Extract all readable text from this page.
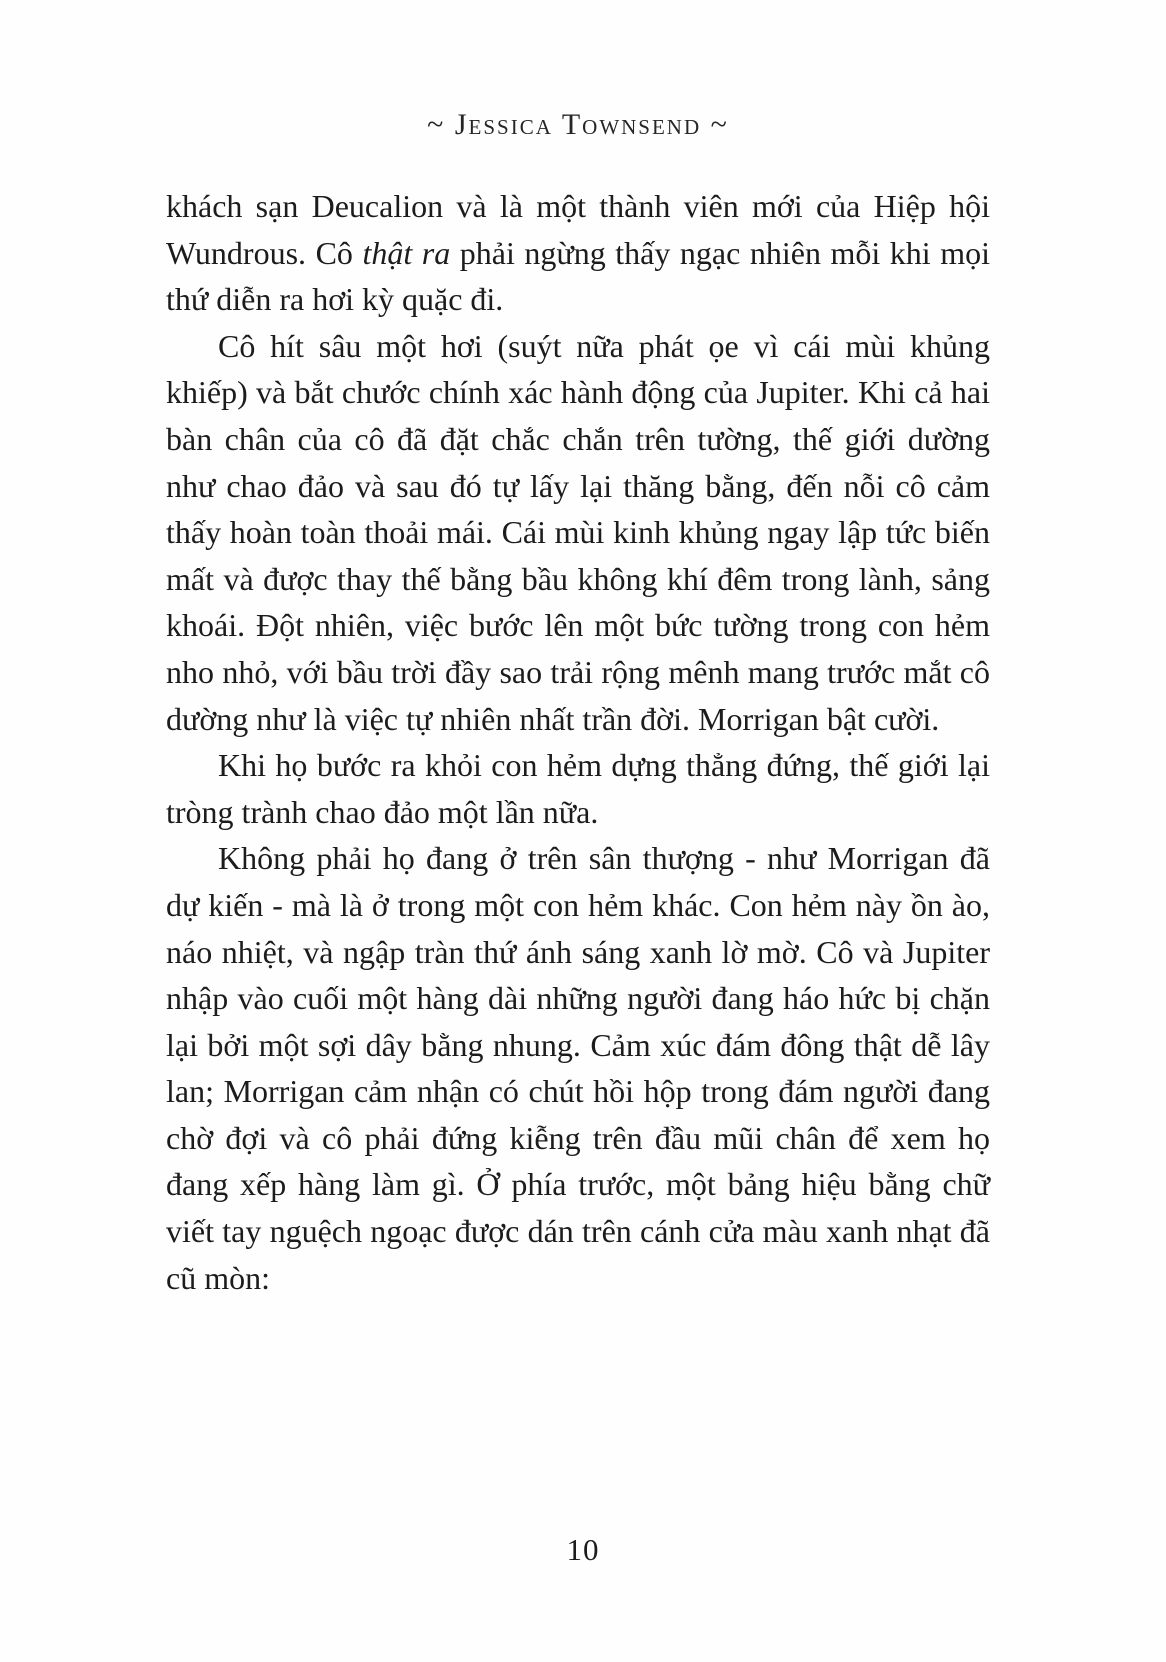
~ Jessica Townsend ~

khách sạn Deucalion và là một thành viên mới của Hiệp hội Wundrous. Cô thật ra phải ngừng thấy ngạc nhiên mỗi khi mọi thứ diễn ra hơi kỳ quặc đi.

Cô hít sâu một hơi (suýt nữa phát ọe vì cái mùi khủng khiếp) và bắt chước chính xác hành động của Jupiter. Khi cả hai bàn chân của cô đã đặt chắc chắn trên tường, thế giới dường như chao đảo và sau đó tự lấy lại thăng bằng, đến nỗi cô cảm thấy hoàn toàn thoải mái. Cái mùi kinh khủng ngay lập tức biến mất và được thay thế bằng bầu không khí đêm trong lành, sảng khoái. Đột nhiên, việc bước lên một bức tường trong con hẻm nho nhỏ, với bầu trời đầy sao trải rộng mênh mang trước mắt cô dường như là việc tự nhiên nhất trần đời. Morrigan bật cười.

Khi họ bước ra khỏi con hẻm dựng thẳng đứng, thế giới lại tròng trành chao đảo một lần nữa.

Không phải họ đang ở trên sân thượng - như Morrigan đã dự kiến - mà là ở trong một con hẻm khác. Con hẻm này ồn ào, náo nhiệt, và ngập tràn thứ ánh sáng xanh lờ mờ. Cô và Jupiter nhập vào cuối một hàng dài những người đang háo hức bị chặn lại bởi một sợi dây bằng nhung. Cảm xúc đám đông thật dễ lây lan; Morrigan cảm nhận có chút hồi hộp trong đám người đang chờ đợi và cô phải đứng kiễng trên đầu mũi chân để xem họ đang xếp hàng làm gì. Ở phía trước, một bảng hiệu bằng chữ viết tay nguệch ngoạc được dán trên cánh cửa màu xanh nhạt đã cũ mòn:

10
